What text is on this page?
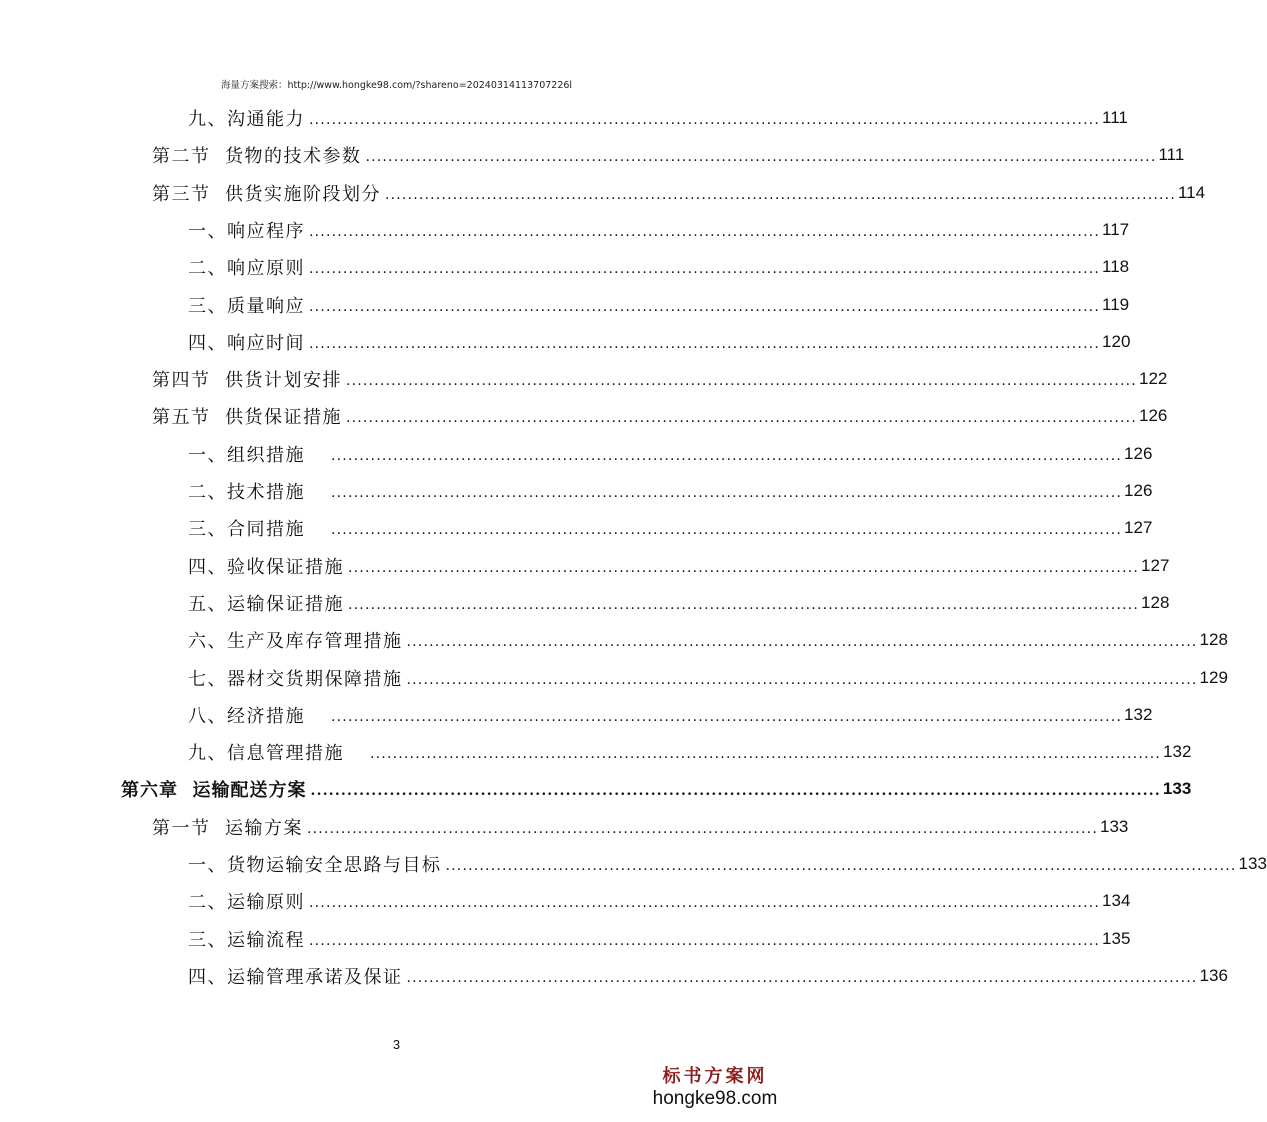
海量方案搜索：http://www.hongke98.com/?shareno=20240314113707226l
九、沟通能力 ............................................................................................................................................ 111
第二节  货物的技术参数 ............................................................................................................................................ 111
第三节  供货实施阶段划分 ............................................................................................................................................ 114
一、响应程序 ............................................................................................................................................ 117
二、响应原则 ............................................................................................................................................ 118
三、质量响应 ............................................................................................................................................ 119
四、响应时间 ............................................................................................................................................ 120
第四节  供货计划安排 ............................................................................................................................................ 122
第五节  供货保证措施 ............................................................................................................................................ 126
一、组织措施 ............................................................................................................................................ 126
二、技术措施 ............................................................................................................................................ 126
三、合同措施 ............................................................................................................................................ 127
四、验收保证措施 ............................................................................................................................................ 127
五、运输保证措施 ............................................................................................................................................ 128
六、生产及库存管理措施 ............................................................................................................................................ 128
七、器材交货期保障措施 ............................................................................................................................................ 129
八、经济措施 ............................................................................................................................................ 132
九、信息管理措施 ............................................................................................................................................ 132
第六章  运输配送方案 ............................................................................................................................................ 133
第一节  运输方案 ............................................................................................................................................ 133
一、货物运输安全思路与目标 ............................................................................................................................................ 133
二、运输原则 ............................................................................................................................................ 134
三、运输流程 ............................................................................................................................................ 135
四、运输管理承诺及保证 ............................................................................................................................................ 136
3
标书方案网
hongke98.com
